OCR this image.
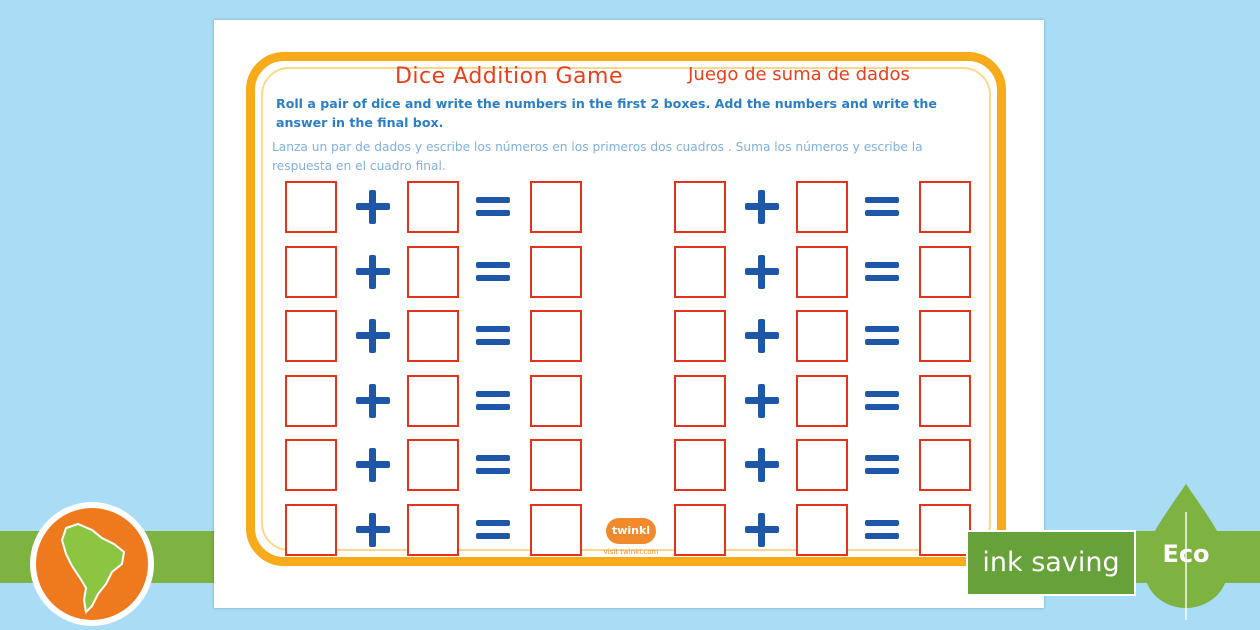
Dice Addition Game	Juego de suma de dados
Roll a pair of dice and write the numbers in the first 2 boxes. Add the numbers and write the answer in the final box.
Lanza un par de dados y escribe los números en los primeros dos cuadros . Suma los números y escribe la respuesta en el cuadro final.
twinkl
visit twinkl.com	ink saving	Eco
